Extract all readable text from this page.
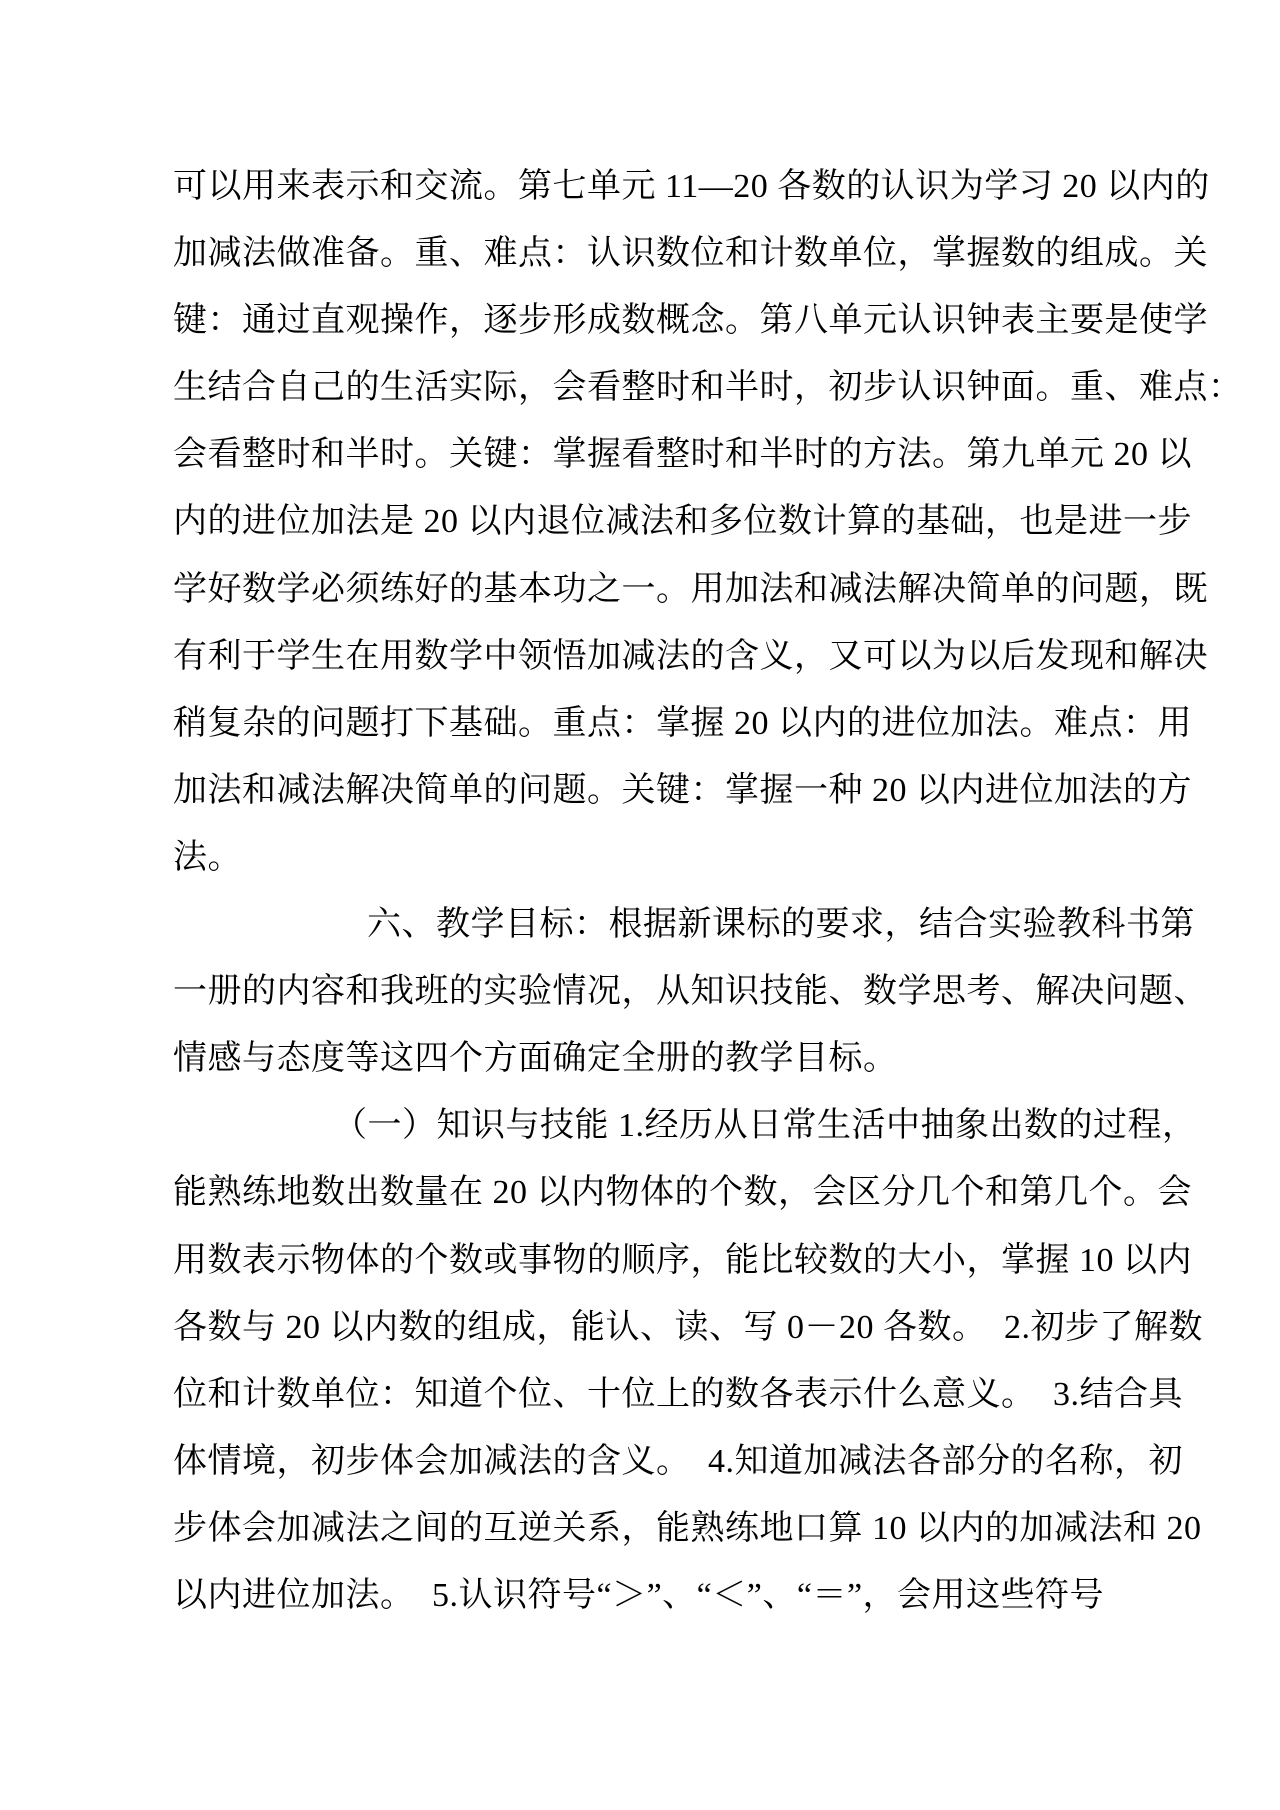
可以用来表示和交流。第七单元 11—20 各数的认识为学习 20 以内的
加减法做准备。重、难点：认识数位和计数单位，掌握数的组成。关
键：通过直观操作，逐步形成数概念。第八单元认识钟表主要是使学
生结合自己的生活实际，会看整时和半时，初步认识钟面。重、难点：
会看整时和半时。关键：掌握看整时和半时的方法。第九单元 20 以
内的进位加法是 20 以内退位减法和多位数计算的基础，也是进一步
学好数学必须练好的基本功之一。用加法和减法解决简单的问题，既
有利于学生在用数学中领悟加减法的含义，又可以为以后发现和解决
稍复杂的问题打下基础。重点：掌握 20 以内的进位加法。难点：用
加法和减法解决简单的问题。关键：掌握一种 20 以内进位加法的方
法。
六、教学目标：根据新课标的要求，结合实验教科书第
一册的内容和我班的实验情况，从知识技能、数学思考、解决问题、
情感与态度等这四个方面确定全册的教学目标。
（一）知识与技能 1.经历从日常生活中抽象出数的过程，
能熟练地数出数量在 20 以内物体的个数，会区分几个和第几个。会
用数表示物体的个数或事物的顺序，能比较数的大小，掌握 10 以内
各数与 20 以内数的组成，能认、读、写 0－20 各数。　2.初步了解数
位和计数单位：知道个位、十位上的数各表示什么意义。　3.结合具
体情境，初步体会加减法的含义。　4.知道加减法各部分的名称，初
步体会加减法之间的互逆关系，能熟练地口算 10 以内的加减法和 20
以内进位加法。　5.认识符号“＞”、“＜”、“＝”，会用这些符号
